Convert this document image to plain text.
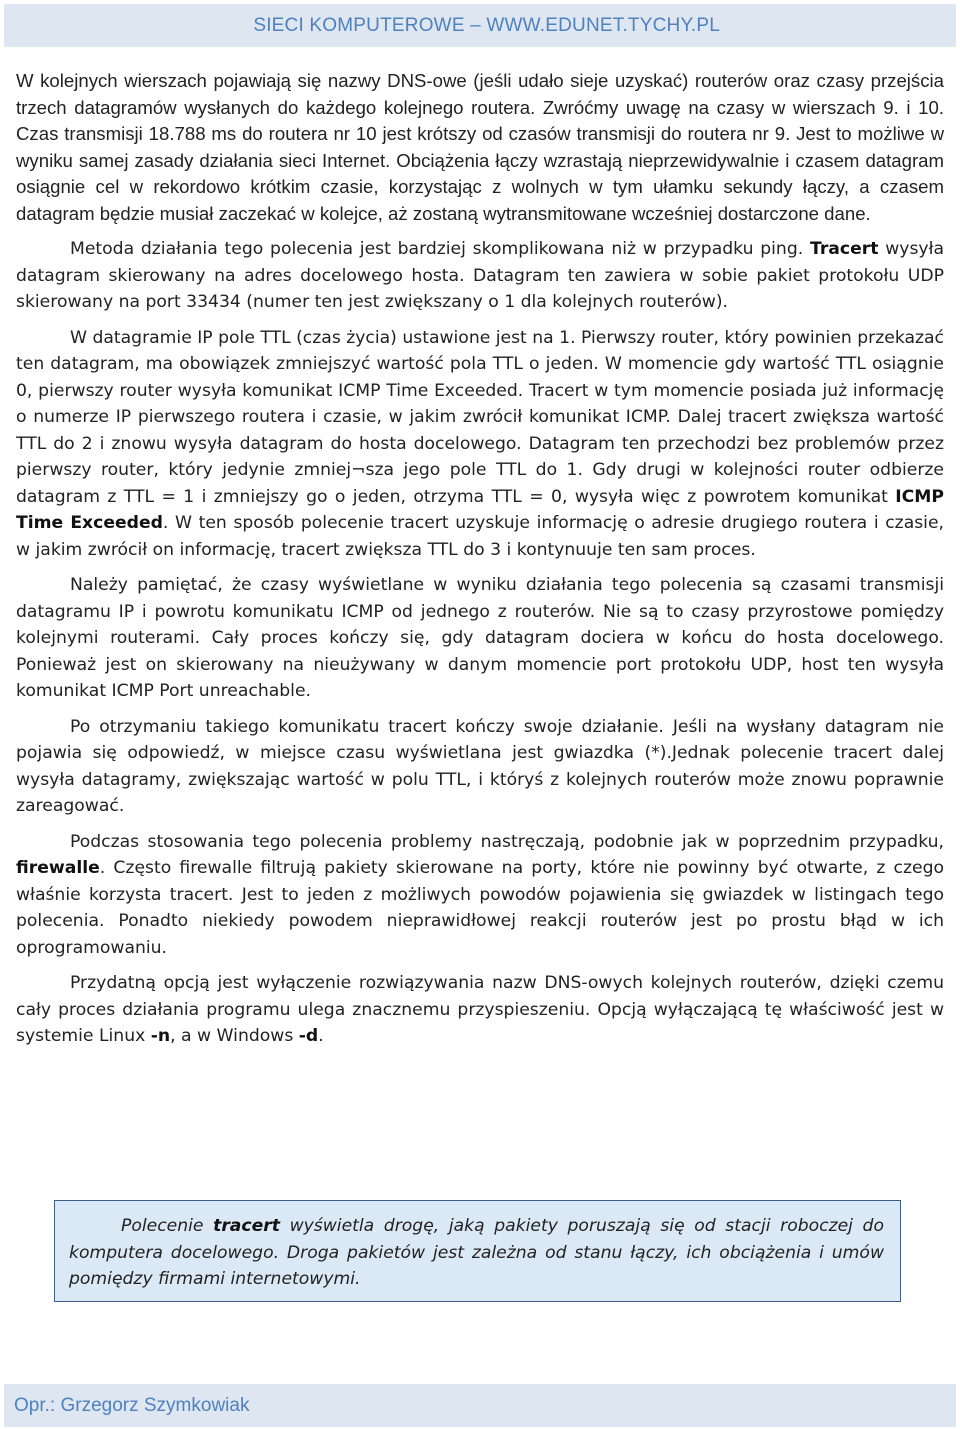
SIECI KOMPUTEROWE – WWW.EDUNET.TYCHY.PL

W kolejnych wierszach pojawiają się nazwy DNS-owe (jeśli udało sieje uzyskać) routerów oraz czasy przejścia trzech datagramów wysłanych do każdego kolejnego routera. Zwróćmy uwagę na czasy w wierszach 9. i 10. Czas transmisji 18.788 ms do routera nr 10 jest krótszy od czasów transmisji do routera nr 9. Jest to możliwe w wyniku samej zasady działania sieci Internet. Obciążenia łączy wzrastają nieprzewidywalnie i czasem datagram osiągnie cel w rekordowo krótkim czasie, korzystając z wolnych w tym ułamku sekundy łączy, a czasem datagram będzie musiał zaczekać w kolejce, aż zostaną wytransmitowane wcześniej dostarczone dane.

Metoda działania tego polecenia jest bardziej skomplikowana niż w przypadku ping. Tracert wysyła datagram skierowany na adres docelowego hosta. Datagram ten zawiera w sobie pakiet protokołu UDP skierowany na port 33434 (numer ten jest zwiększany o 1 dla kolejnych routerów).

W datagramie IP pole TTL (czas życia) ustawione jest na 1. Pierwszy router, który powinien przekazać ten datagram, ma obowiązek zmniejszyć wartość pola TTL o jeden. W momencie gdy wartość TTL osiągnie 0, pierwszy router wysyła komunikat ICMP Time Exceeded. Tracert w tym momencie posiada już informację o numerze IP pierwszego routera i czasie, w jakim zwrócił komunikat ICMP. Dalej tracert zwiększa wartość TTL do 2 i znowu wysyła datagram do hosta docelowego. Datagram ten przechodzi bez problemów przez pierwszy router, który jedynie zmniej¬sza jego pole TTL do 1. Gdy drugi w kolejności router odbierze datagram z TTL = 1 i zmniejszy go o jeden, otrzyma TTL = 0, wysyła więc z powrotem komunikat ICMP Time Exceeded. W ten sposób polecenie tracert uzyskuje informację o adresie drugiego routera i czasie, w jakim zwrócił on informację, tracert zwiększa TTL do 3 i kontynuuje ten sam proces.

Należy pamiętać, że czasy wyświetlane w wyniku działania tego polecenia są czasami transmisji datagramu IP i powrotu komunikatu ICMP od jednego z routerów. Nie są to czasy przyrostowe pomiędzy kolejnymi routerami. Cały proces kończy się, gdy datagram dociera w końcu do hosta docelowego. Ponieważ jest on skierowany na nieużywany w danym momencie port protokołu UDP, host ten wysyła komunikat ICMP Port unreachable.

Po otrzymaniu takiego komunikatu tracert kończy swoje działanie. Jeśli na wysłany datagram nie pojawia się odpowiedź, w miejsce czasu wyświetlana jest gwiazdka (*).Jednak polecenie tracert dalej wysyła datagramy, zwiększając wartość w polu TTL, i któryś z kolejnych routerów może znowu poprawnie zareagować.

Podczas stosowania tego polecenia problemy nastręczają, podobnie jak w poprzednim przypadku, firewalle. Często firewalle filtrują pakiety skierowane na porty, które nie powinny być otwarte, z czego właśnie korzysta tracert. Jest to jeden z możliwych powodów pojawienia się gwiazdek w listingach tego polecenia. Ponadto niekiedy powodem nieprawidłowej reakcji routerów jest po prostu błąd w ich oprogramowaniu.

Przydatną opcją jest wyłączenie rozwiązywania nazw DNS-owych kolejnych routerów, dzięki czemu cały proces działania programu ulega znacznemu przyspieszeniu. Opcją wyłączającą tę właściwość jest w systemie Linux -n, a w Windows -d.

Polecenie tracert wyświetla drogę, jaką pakiety poruszają się od stacji roboczej do komputera docelowego. Droga pakietów jest zależna od stanu łączy, ich obciążenia i umów pomiędzy firmami internetowymi.

Opr.: Grzegorz Szymkowiak
